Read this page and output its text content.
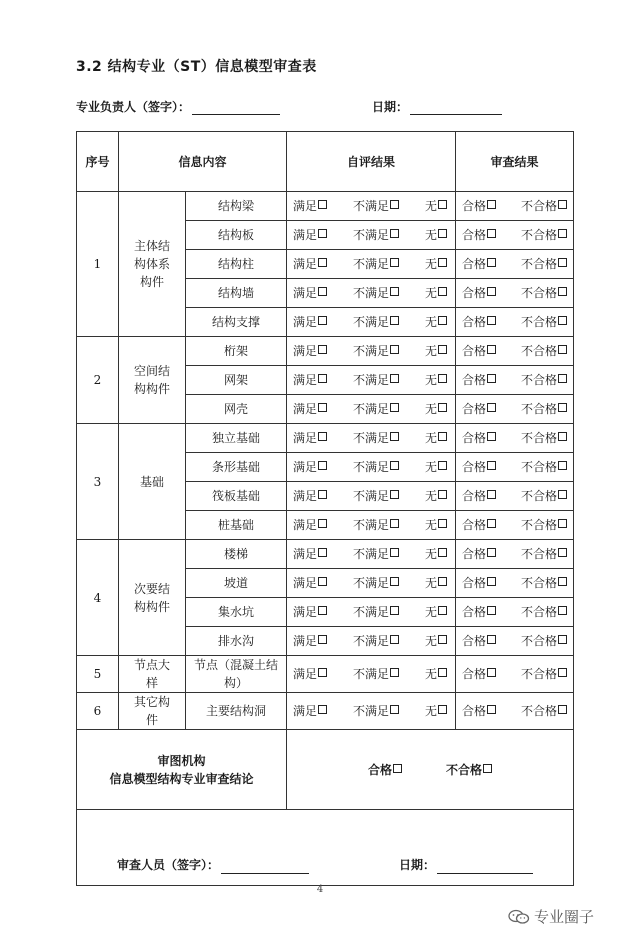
3.2 结构专业（ST）信息模型审查表
专业负责人（签字）：	日期：
序号	信息内容		自评结果	审查结果
1	主体结构体系构件	结构梁	满足 不满足 无	合格 不合格

		结构板	满足 不满足 无	合格 不合格

		结构柱	满足 不满足 无	合格 不合格

		结构墙	满足 不满足 无	合格 不合格

		结构支撑	满足 不满足 无	合格 不合格

2	空间结构构件	桁架	满足 不满足 无	合格 不合格

		网架	满足 不满足 无	合格 不合格

		网壳	满足 不满足 无	合格 不合格

3	基础	独立基础	满足 不满足 无	合格 不合格

		条形基础	满足 不满足 无	合格 不合格

		筏板基础	满足 不满足 无	合格 不合格

		桩基础	满足 不满足 无	合格 不合格

4	次要结构构件	楼梯	满足 不满足 无	合格 不合格

		坡道	满足 不满足 无	合格 不合格

		集水坑	满足 不满足 无	合格 不合格

		排水沟	满足 不满足 无	合格 不合格

5	节点大样	节点（混凝土结构）	满足 不满足 无	合格 不合格

6	其它构件	主要结构洞	满足 不满足 无	合格 不合格

审图机构
信息模型结构专业审查结论			合格 不合格	

审查人员（签字）： 日期：				
4
专业圈子
